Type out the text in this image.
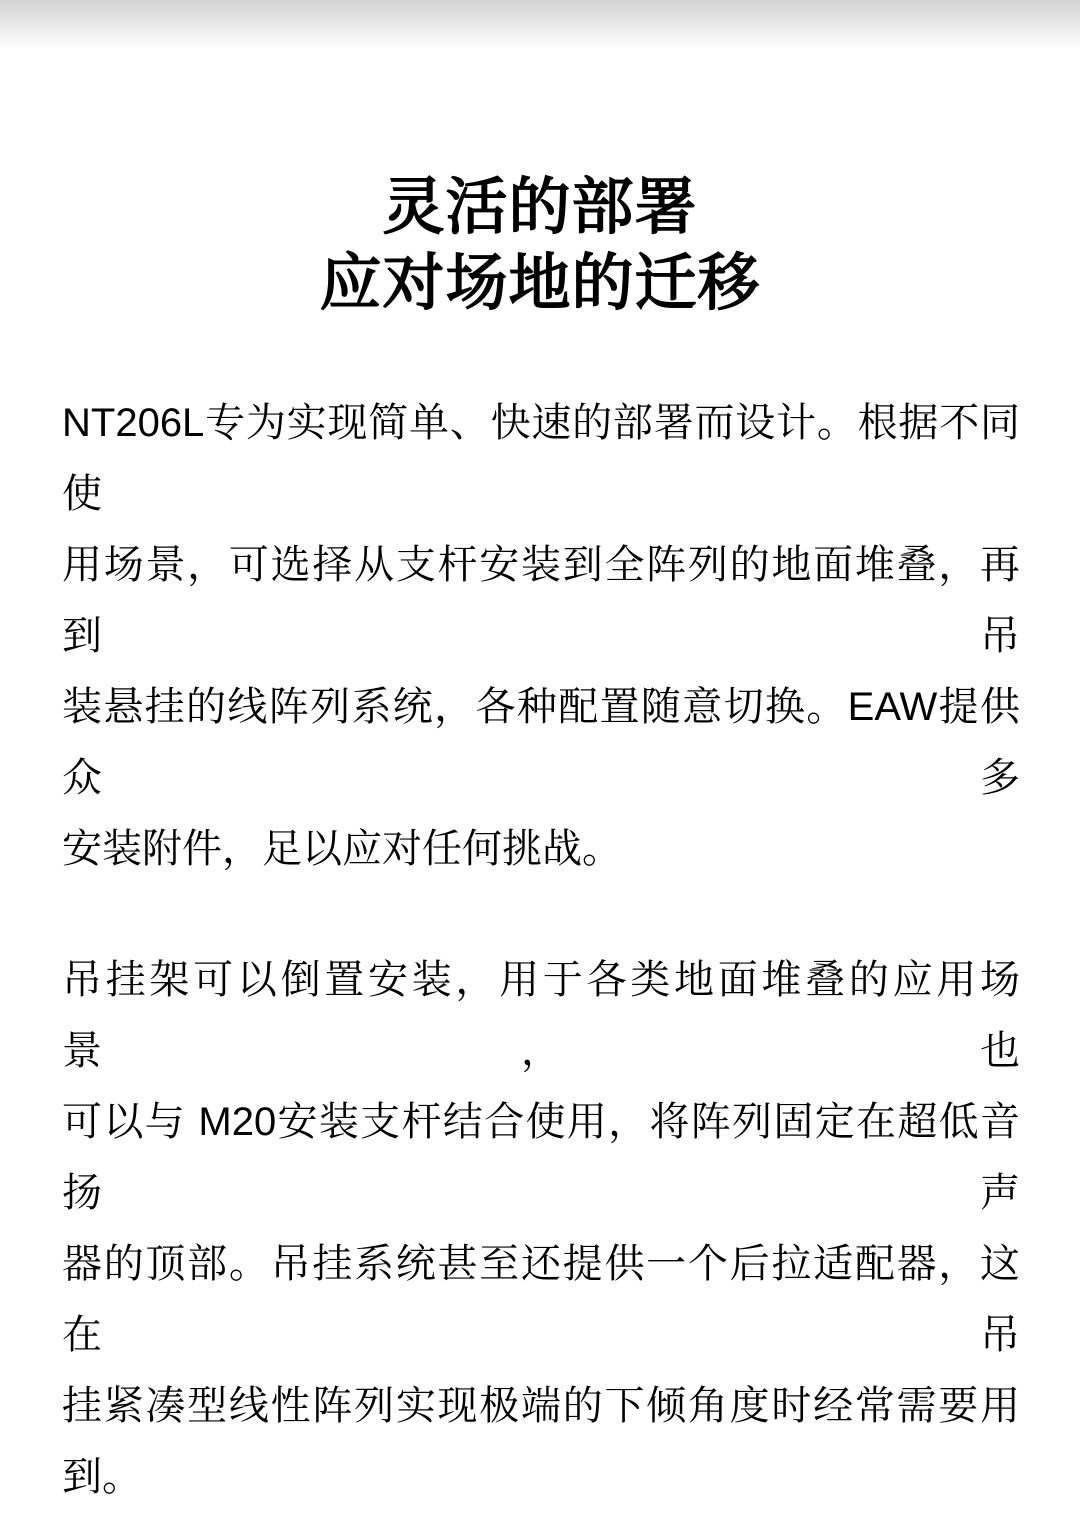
灵活的部署
应对场地的迁移
NT206L专为实现简单、快速的部署而设计。根据不同使
用场景，可选择从支杆安装到全阵列的地面堆叠，再到吊
装悬挂的线阵列系统，各种配置随意切换。EAW提供众多
安装附件，足以应对任何挑战。
吊挂架可以倒置安装，用于各类地面堆叠的应用场景，也
可以与 M20安装支杆结合使用，将阵列固定在超低音扬声
器的顶部。吊挂系统甚至还提供一个后拉适配器，这在吊
挂紧凑型线性阵列实现极端的下倾角度时经常需要用到。
